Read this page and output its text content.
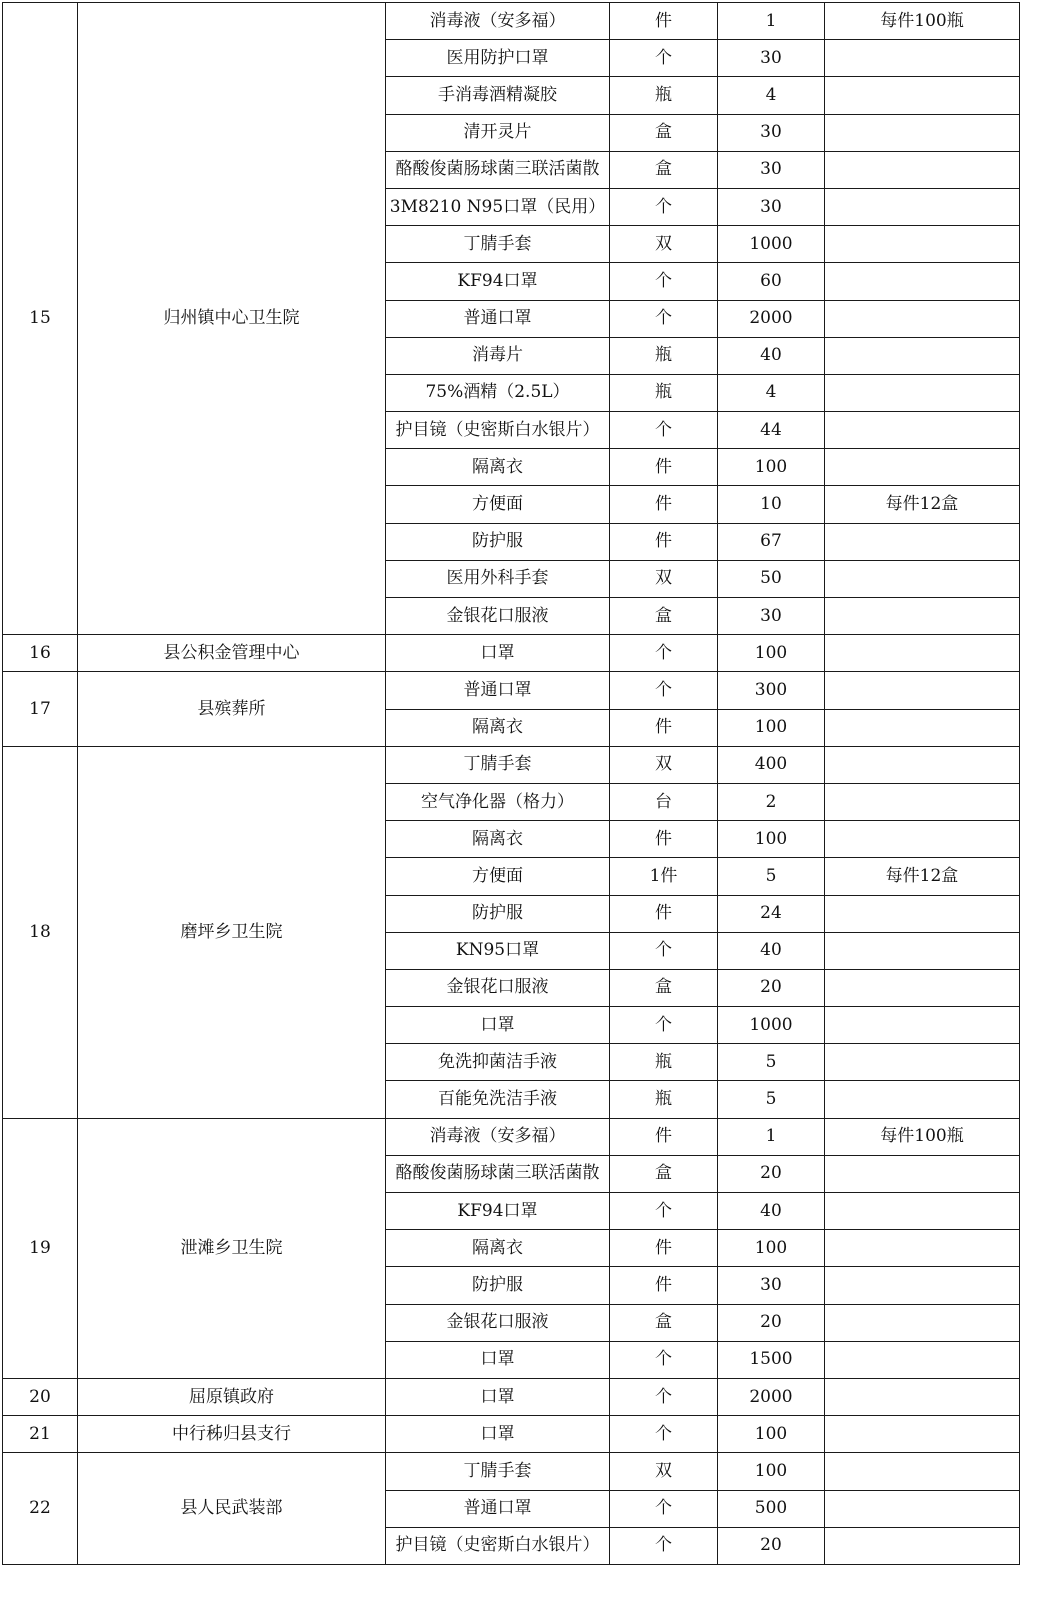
15	归州镇中心卫生院	消毒液（安多福）	件	1	每件100瓶
		医用防护口罩	个	30	
		手消毒酒精凝胶	瓶	4	
		清开灵片	盒	30	
		酪酸俊菌肠球菌三联活菌散	盒	30	
		3M8210 N95口罩（民用）	个	30	
		丁腈手套	双	1000	
		KF94口罩	个	60	
		普通口罩	个	2000	
		消毒片	瓶	40	
		75%酒精（2.5L）	瓶	4	
		护目镜（史密斯白水银片）	个	44	
		隔离衣	件	100	
		方便面	件	10	每件12盒
		防护服	件	67	
		医用外科手套	双	50	
		金银花口服液	盒	30	
16	县公积金管理中心	口罩	个	100	
17	县殡葬所	普通口罩	个	300	
		隔离衣	件	100	
18	磨坪乡卫生院	丁腈手套	双	400	
		空气净化器（格力）	台	2	
		隔离衣	件	100	
		方便面	1件	5	每件12盒
		防护服	件	24	
		KN95口罩	个	40	
		金银花口服液	盒	20	
		口罩	个	1000	
		免洗抑菌洁手液	瓶	5	
		百能免洗洁手液	瓶	5	
19	泄滩乡卫生院	消毒液（安多福）	件	1	每件100瓶
		酪酸俊菌肠球菌三联活菌散	盒	20	
		KF94口罩	个	40	
		隔离衣	件	100	
		防护服	件	30	
		金银花口服液	盒	20	
		口罩	个	1500	
20	屈原镇政府	口罩	个	2000	
21	中行秭归县支行	口罩	个	100	
22	县人民武装部	丁腈手套	双	100	
		普通口罩	个	500	
		护目镜（史密斯白水银片）	个	20	
